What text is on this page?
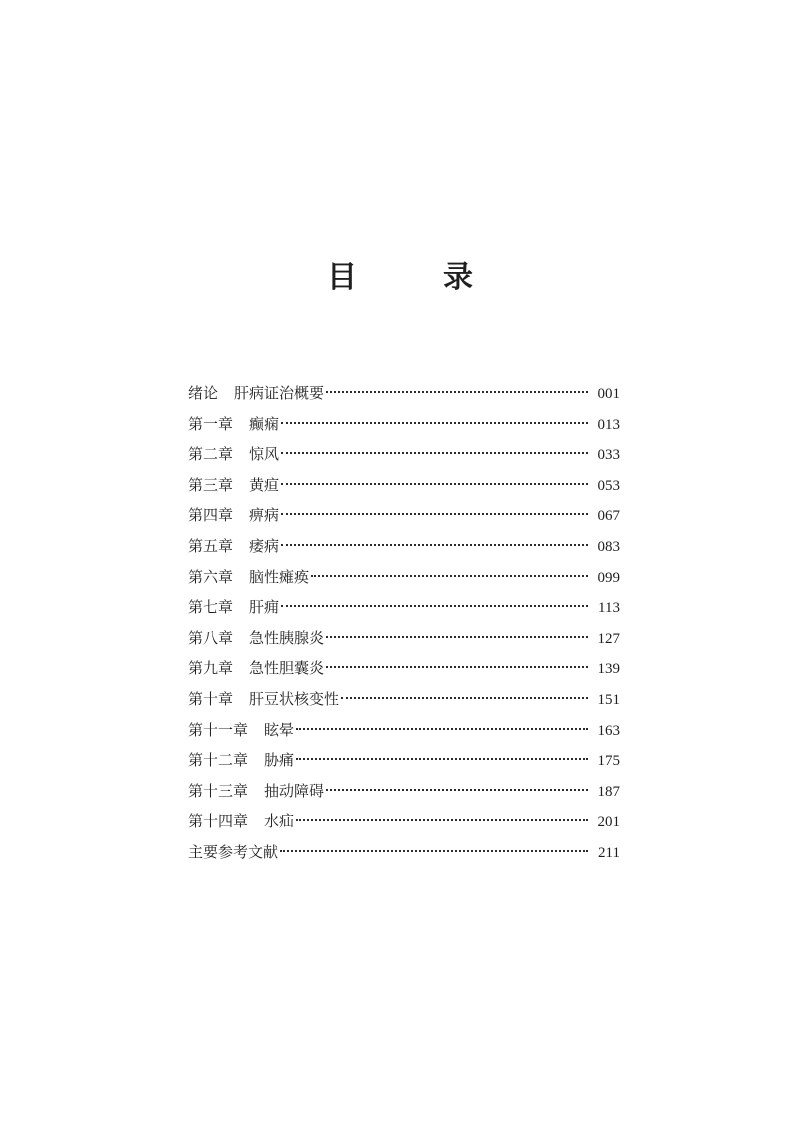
目　录
绪论 肝病证治概要	001
第一章 癫痫	013
第二章 惊风	033
第三章 黄疸	053
第四章 痹病	067
第五章 痿病	083
第六章 脑性瘫痪	099
第七章 肝痈	113
第八章 急性胰腺炎	127
第九章 急性胆囊炎	139
第十章 肝豆状核变性	151
第十一章 眩晕	163
第十二章 胁痛	175
第十三章 抽动障碍	187
第十四章 水疝	201
主要参考文献	211
